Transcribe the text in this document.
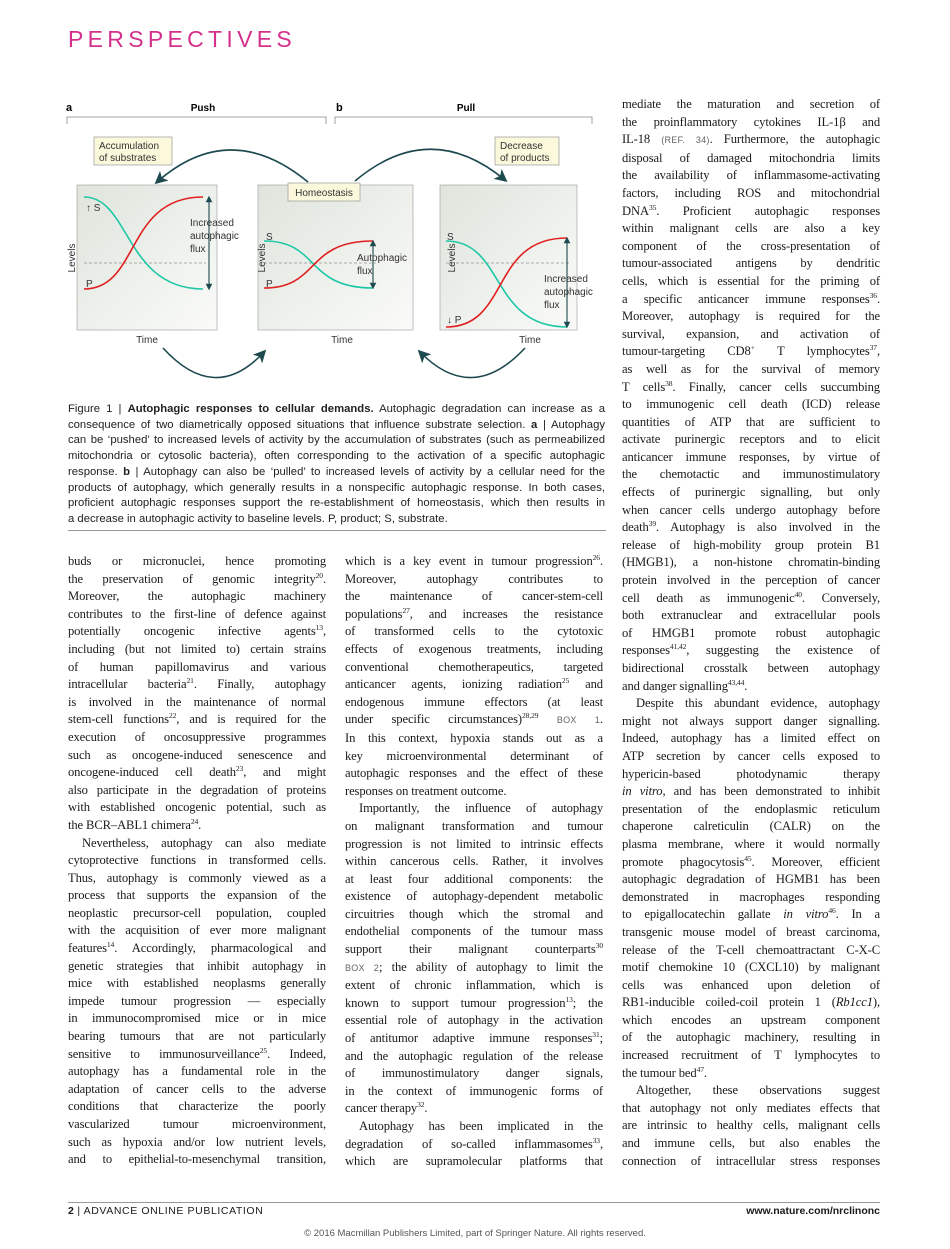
PERSPECTIVES
a	Push	b	Pull
Accumulation
of substrates
Decrease
of products
↑ S
P
Increased
autophagic
flux
Time
Levels
S
P
Autophagic
flux
Time
Levels
Homeostasis
S
↓ P
Increased
autophagic
flux
Time
Levels
Figure 1 | Autophagic responses to cellular demands. Autophagic degradation can increase as a
consequence of two diametrically opposed situations that influence substrate selection. a | Autophagy
can be ‘pushed’ to increased levels of activity by the accumulation of substrates (such as permeabilized
mitochondria or cytosolic bacteria), often corresponding to the activation of a specific autophagic
response. b | Autophagy can also be ‘pulled’ to increased levels of activity by a cellular need for the
products of autophagy, which generally results in a nonspecific autophagic response. In both cases,
proficient autophagic responses support the re-establishment of homeostasis, which then results in
a decrease in autophagic activity to baseline levels. P, product; S, substrate.
buds or micronuclei, hence promoting
the preservation of genomic integrity$^{20}$.
Moreover, the autophagic machinery
contributes to the first-line of defence against
potentially oncogenic infective agents$^{13}$,
including (but not limited to) certain strains
of human papillomavirus and various
intracellular bacteria$^{21}$. Finally, autophagy
is involved in the maintenance of normal
stem-cell functions$^{22}$, and is required for the
execution of oncosuppressive programmes
such as oncogene-induced senescence and
oncogene-induced cell death$^{23}$, and might
also participate in the degradation of proteins
with established oncogenic potential, such as
the BCR–ABL1 chimera$^{24}$.
Nevertheless, autophagy can also mediate
cytoprotective functions in transformed cells.
Thus, autophagy is commonly viewed as a
process that supports the expansion of the
neoplastic precursor-cell population, coupled
with the acquisition of ever more malignant
features$^{14}$. Accordingly, pharmacological and
genetic strategies that inhibit autophagy in
mice with established neoplasms generally
impede tumour progression — especially
in immunocompromised mice or in mice
bearing tumours that are not particularly
sensitive to immunosurveillance$^{25}$. Indeed,
autophagy has a fundamental role in the
adaptation of cancer cells to the adverse
conditions that characterize the poorly
vascularized tumour microenvironment,
such as hypoxia and/or low nutrient levels,
and to epithelial-to-mesenchymal transition,
which is a key event in tumour progression$^{26}$.
Moreover, autophagy contributes to
the maintenance of cancer-stem-cell
populations$^{27}$, and increases the resistance
of transformed cells to the cytotoxic
effects of exogenous treatments, including
conventional chemotherapeutics, targeted
anticancer agents, ionizing radiation$^{25}$ and
endogenous immune effectors (at least
under specific circumstances)$^{28,29}$ BOX 1.
In this context, hypoxia stands out as a
key microenvironmental determinant of
autophagic responses and the effect of these
responses on treatment outcome.
Importantly, the influence of autophagy
on malignant transformation and tumour
progression is not limited to intrinsic effects
within cancerous cells. Rather, it involves
at least four additional components: the
existence of autophagy-dependent metabolic
circuitries though which the stromal and
endothelial components of the tumour mass
support their malignant counterparts$^{30}$
BOX 2; the ability of autophagy to limit the
extent of chronic inflammation, which is
known to support tumour progression$^{13}$; the
essential role of autophagy in the activation
of antitumor adaptive immune responses$^{31}$;
and the autophagic regulation of the release
of immunostimulatory danger signals,
in the context of immunogenic forms of
cancer therapy$^{32}$.
Autophagy has been implicated in the
degradation of so-called inflammasomes$^{33}$,
which are supramolecular platforms that
mediate the maturation and secretion of
the proinflammatory cytokines IL-1β and
IL-18 (REF. 34). Furthermore, the autophagic
disposal of damaged mitochondria limits
the availability of inflammasome-activating
factors, including ROS and mitochondrial
DNA$^{35}$. Proficient autophagic responses
within malignant cells are also a key
component of the cross-presentation of
tumour-associated antigens by dendritic
cells, which is essential for the priming of
a specific anticancer immune responses$^{36}$.
Moreover, autophagy is required for the
survival, expansion, and activation of
tumour-targeting CD8+ T lymphocytes$^{37}$,
as well as for the survival of memory
T cells$^{38}$. Finally, cancer cells succumbing
to immunogenic cell death (ICD) release
quantities of ATP that are sufficient to
activate purinergic receptors and to elicit
anticancer immune responses, by virtue of
the chemotactic and immunostimulatory
effects of purinergic signalling, but only
when cancer cells undergo autophagy before
death$^{39}$. Autophagy is also involved in the
release of high-mobility group protein B1
(HMGB1), a non-histone chromatin-binding
protein involved in the perception of cancer
cell death as immunogenic$^{40}$. Conversely,
both extranuclear and extracellular pools
of HMGB1 promote robust autophagic
responses$^{41,42}$, suggesting the existence of
bidirectional crosstalk between autophagy
and danger signalling$^{43,44}$.
Despite this abundant evidence, autophagy
might not always support danger signalling.
Indeed, autophagy has a limited effect on
ATP secretion by cancer cells exposed to
hypericin-based photodynamic therapy
in vitro, and has been demonstrated to inhibit
presentation of the endoplasmic reticulum
chaperone calreticulin (CALR) on the
plasma membrane, where it would normally
promote phagocytosis$^{45}$. Moreover, efficient
autophagic degradation of HGMB1 has been
demonstrated in macrophages responding
to epigallocatechin gallate in vitro$^{46}$. In a
transgenic mouse model of breast carcinoma,
release of the T-cell chemoattractant C-X-C
motif chemokine 10 (CXCL10) by malignant
cells was enhanced upon deletion of
RB1-inducible coiled-coil protein 1 (Rb1cc1),
which encodes an upstream component
of the autophagic machinery, resulting in
increased recruitment of T lymphocytes to
the tumour bed$^{47}$.
Altogether, these observations suggest
that autophagy not only mediates effects that
are intrinsic to healthy cells, malignant cells
and immune cells, but also enables the
connection of intracellular stress responses
2 | ADVANCE ONLINE PUBLICATION	www.nature.com/nrclinonc
© 2016 Macmillan Publishers Limited, part of Springer Nature. All rights reserved.
